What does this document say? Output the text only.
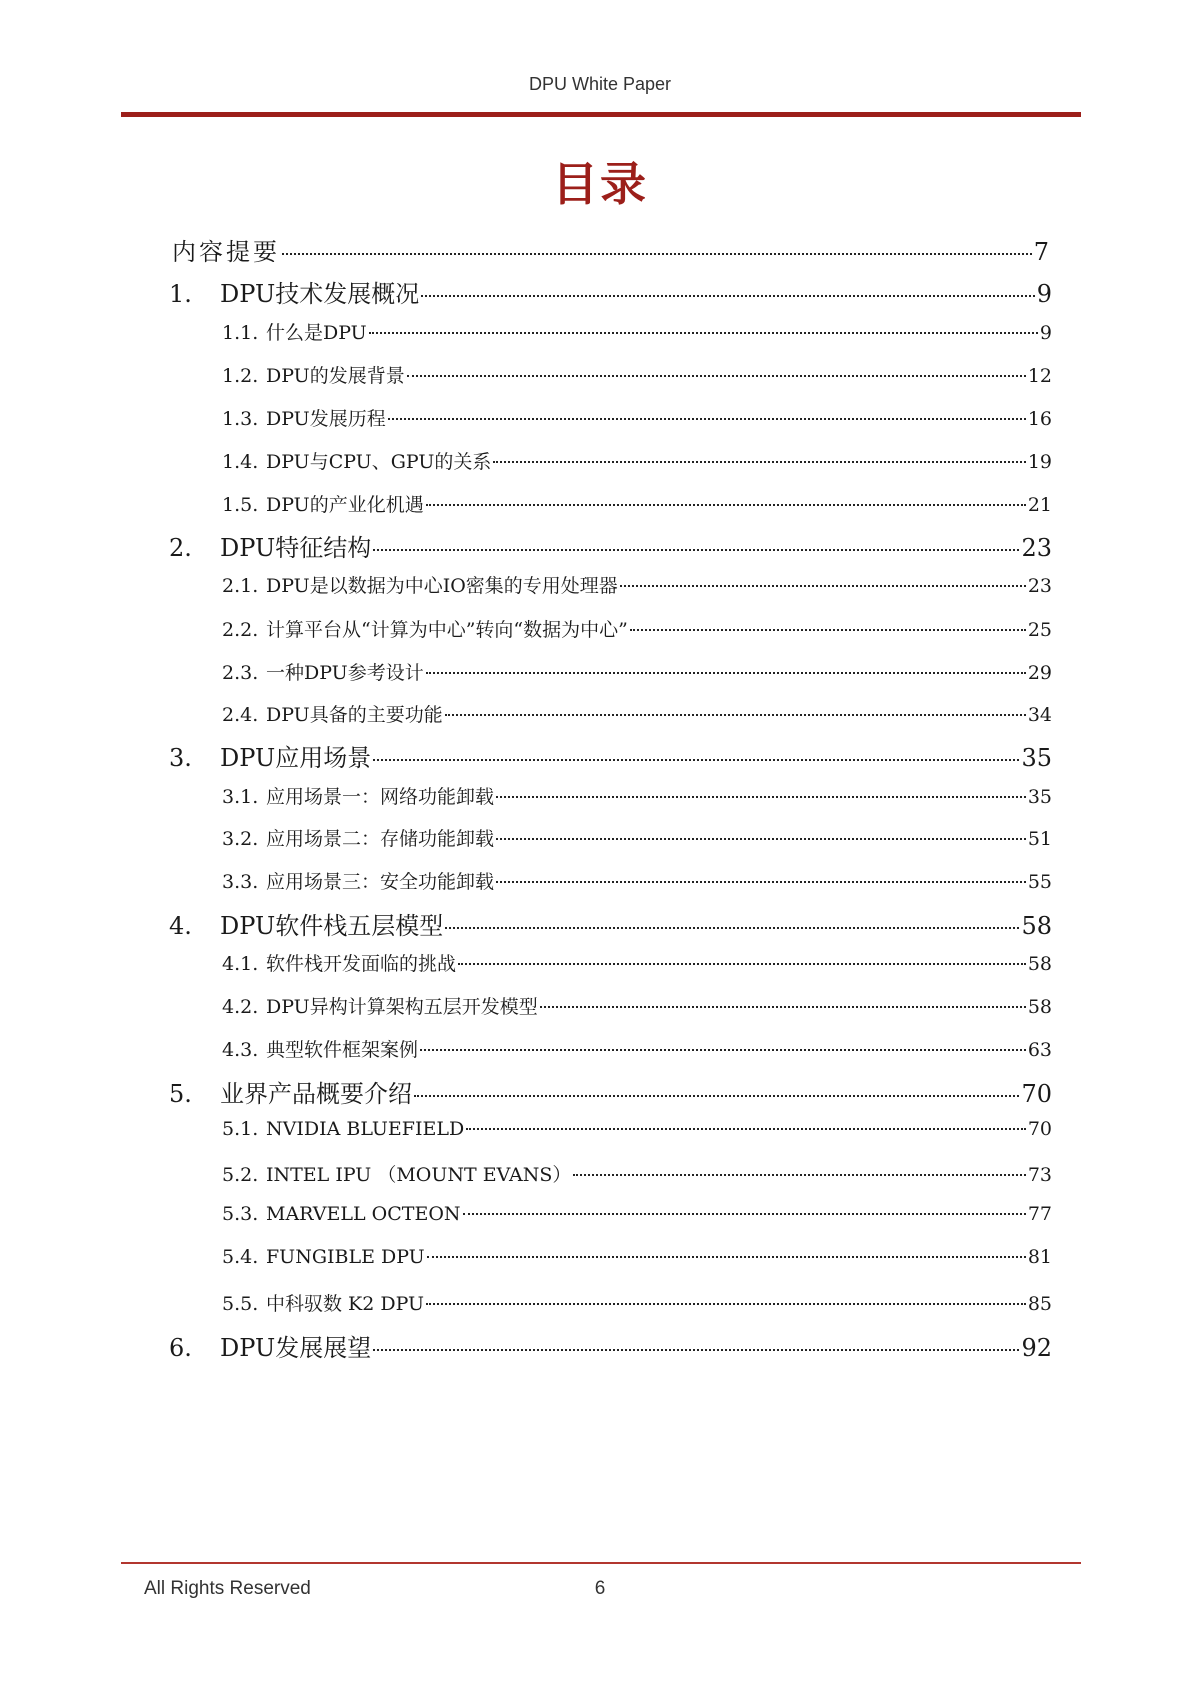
DPU White Paper
目录
内容提要	7
1.	DPU技术发展概况	9
1.1. 什么是DPU	9
1.2. DPU的发展背景	12
1.3. DPU发展历程	16
1.4. DPU与CPU、GPU的关系	19
1.5. DPU的产业化机遇	21
2.	DPU特征结构	23
2.1. DPU是以数据为中心IO密集的专用处理器	23
2.2. 计算平台从“计算为中心”转向“数据为中心”	25
2.3. 一种DPU参考设计	29
2.4. DPU具备的主要功能	34
3.	DPU应用场景	35
3.1. 应用场景一：网络功能卸载	35
3.2. 应用场景二：存储功能卸载	51
3.3. 应用场景三：安全功能卸载	55
4.	DPU软件栈五层模型	58
4.1. 软件栈开发面临的挑战	58
4.2. DPU异构计算架构五层开发模型	58
4.3. 典型软件框架案例	63
5.	业界产品概要介绍	70
5.1. NVIDIA BLUEFIELD	70
5.2. INTEL IPU （MOUNT EVANS）	73
5.3. MARVELL OCTEON	77
5.4. FUNGIBLE DPU	81
5.5. 中科驭数 K2 DPU	85
6.	DPU发展展望	92
All Rights Reserved	6
